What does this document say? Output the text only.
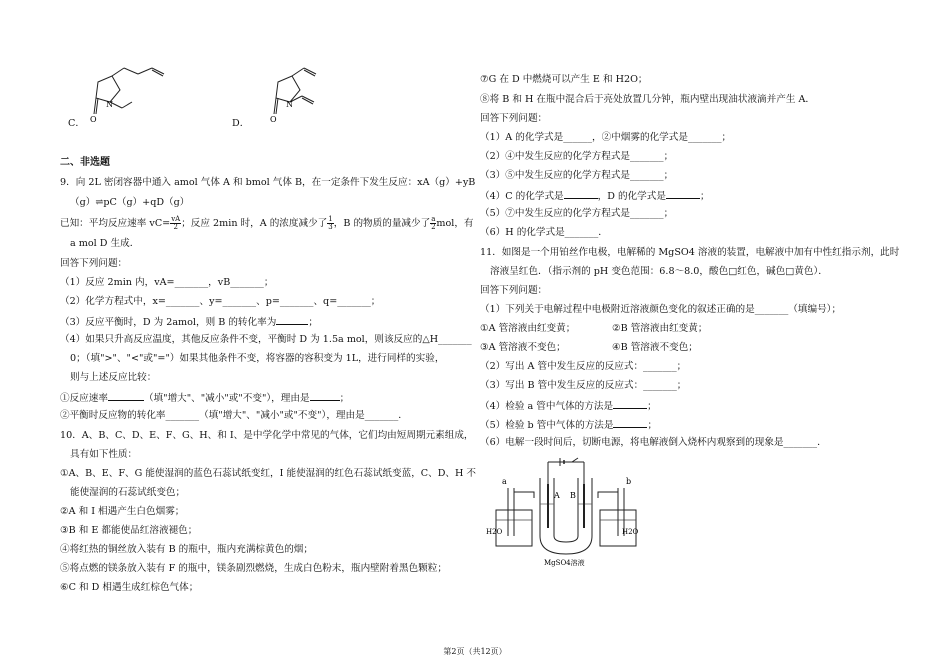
N
O
C．
N
O
D．
二、非选题
9．向 2L 密闭容器中通入 amol 气体 A 和 bmol 气体 B，在一定条件下发生反应：xA（g）+yB
（g）⇌pC（g）+qD（g）
已知：平均反应速率 $vC= \frac{vA}{2}$ ；反应 2min 时，A 的浓度减少了 $\frac{1}{3}$ ，B 的物质的量减少了 $\frac{a}{2}$ mol，有
a mol D 生成．
回答下列问题：
（1）反应 2min 内，vA=_______，vB_______；
（2）化学方程式中，x=_______、y=_______、p=_______、q=_______；
（3）反应平衡时，D 为 2amol，则 B 的转化率为	；
（4）如果只升高反应温度，其他反应条件不变，平衡时 D 为 1.5a mol，则该反应的△H_______
0；（填">"、"<"或"="）如果其他条件不变，将容器的容积变为 1L，进行同样的实验，
则与上述反应比较：
①反应速率	（填"增大"、"减小"或"不变"），理由是	；
②平衡时反应物的转化率_______（填"增大"、"减小"或"不变"），理由是_______．
10．A、B、C、D、E、F、G、H、和 I、是中学化学中常见的气体，它们均由短周期元素组成，
具有如下性质：
①A、B、E、F、G 能使湿润的蓝色石蕊试纸变红，I 能使湿润的红色石蕊试纸变蓝，C、D、H 不
能使湿润的石蕊试纸变色；
②A 和 I 相遇产生白色烟雾；
③B 和 E 都能使品红溶液褪色；
④将红热的铜丝放入装有 B 的瓶中，瓶内充满棕黄色的烟；
⑤将点燃的镁条放入装有 F 的瓶中，镁条剧烈燃烧，生成白色粉末，瓶内壁附着黑色颗粒；
⑥C 和 D 相遇生成红棕色气体；
⑦G 在 D 中燃烧可以产生 E 和 H2O；
⑧将 B 和 H 在瓶中混合后于亮处放置几分钟，瓶内壁出现油状液滴并产生 A．
回答下列问题：
（1）A 的化学式是______，②中烟雾的化学式是_______；
（2）④中发生反应的化学方程式是_______；
（3）⑤中发生反应的化学方程式是_______；
（4）C 的化学式是	，D 的化学式是	；
（5）⑦中发生反应的化学方程式是_______；
（6）H 的化学式是_______．
11．如图是一个用铂丝作电极，电解稀的 MgSO4 溶液的装置，电解液中加有中性红指示剂，此时
溶液呈红色．（指示剂的 pH 变色范围：6.8～8.0，酸色□红色，碱色□黄色）．
回答下列问题：
（1）下列关于电解过程中电极附近溶液颜色变化的叙述正确的是_______（填编号）；
①A 管溶液由红变黄；	②B 管溶液由红变黄；
③A 管溶液不变色；	④B 管溶液不变色；
（2）写出 A 管中发生反应的反应式：_______；
（3）写出 B 管中发生反应的反应式：_______；
（4）检验 a 管中气体的方法是	；
（5）检验 b 管中气体的方法是	；
（6）电解一段时间后，切断电源，将电解液倒入烧杯内观察到的现象是_______．
a
A B
b
H2O	H2O
MgSO4溶液
第2页（共12页）
